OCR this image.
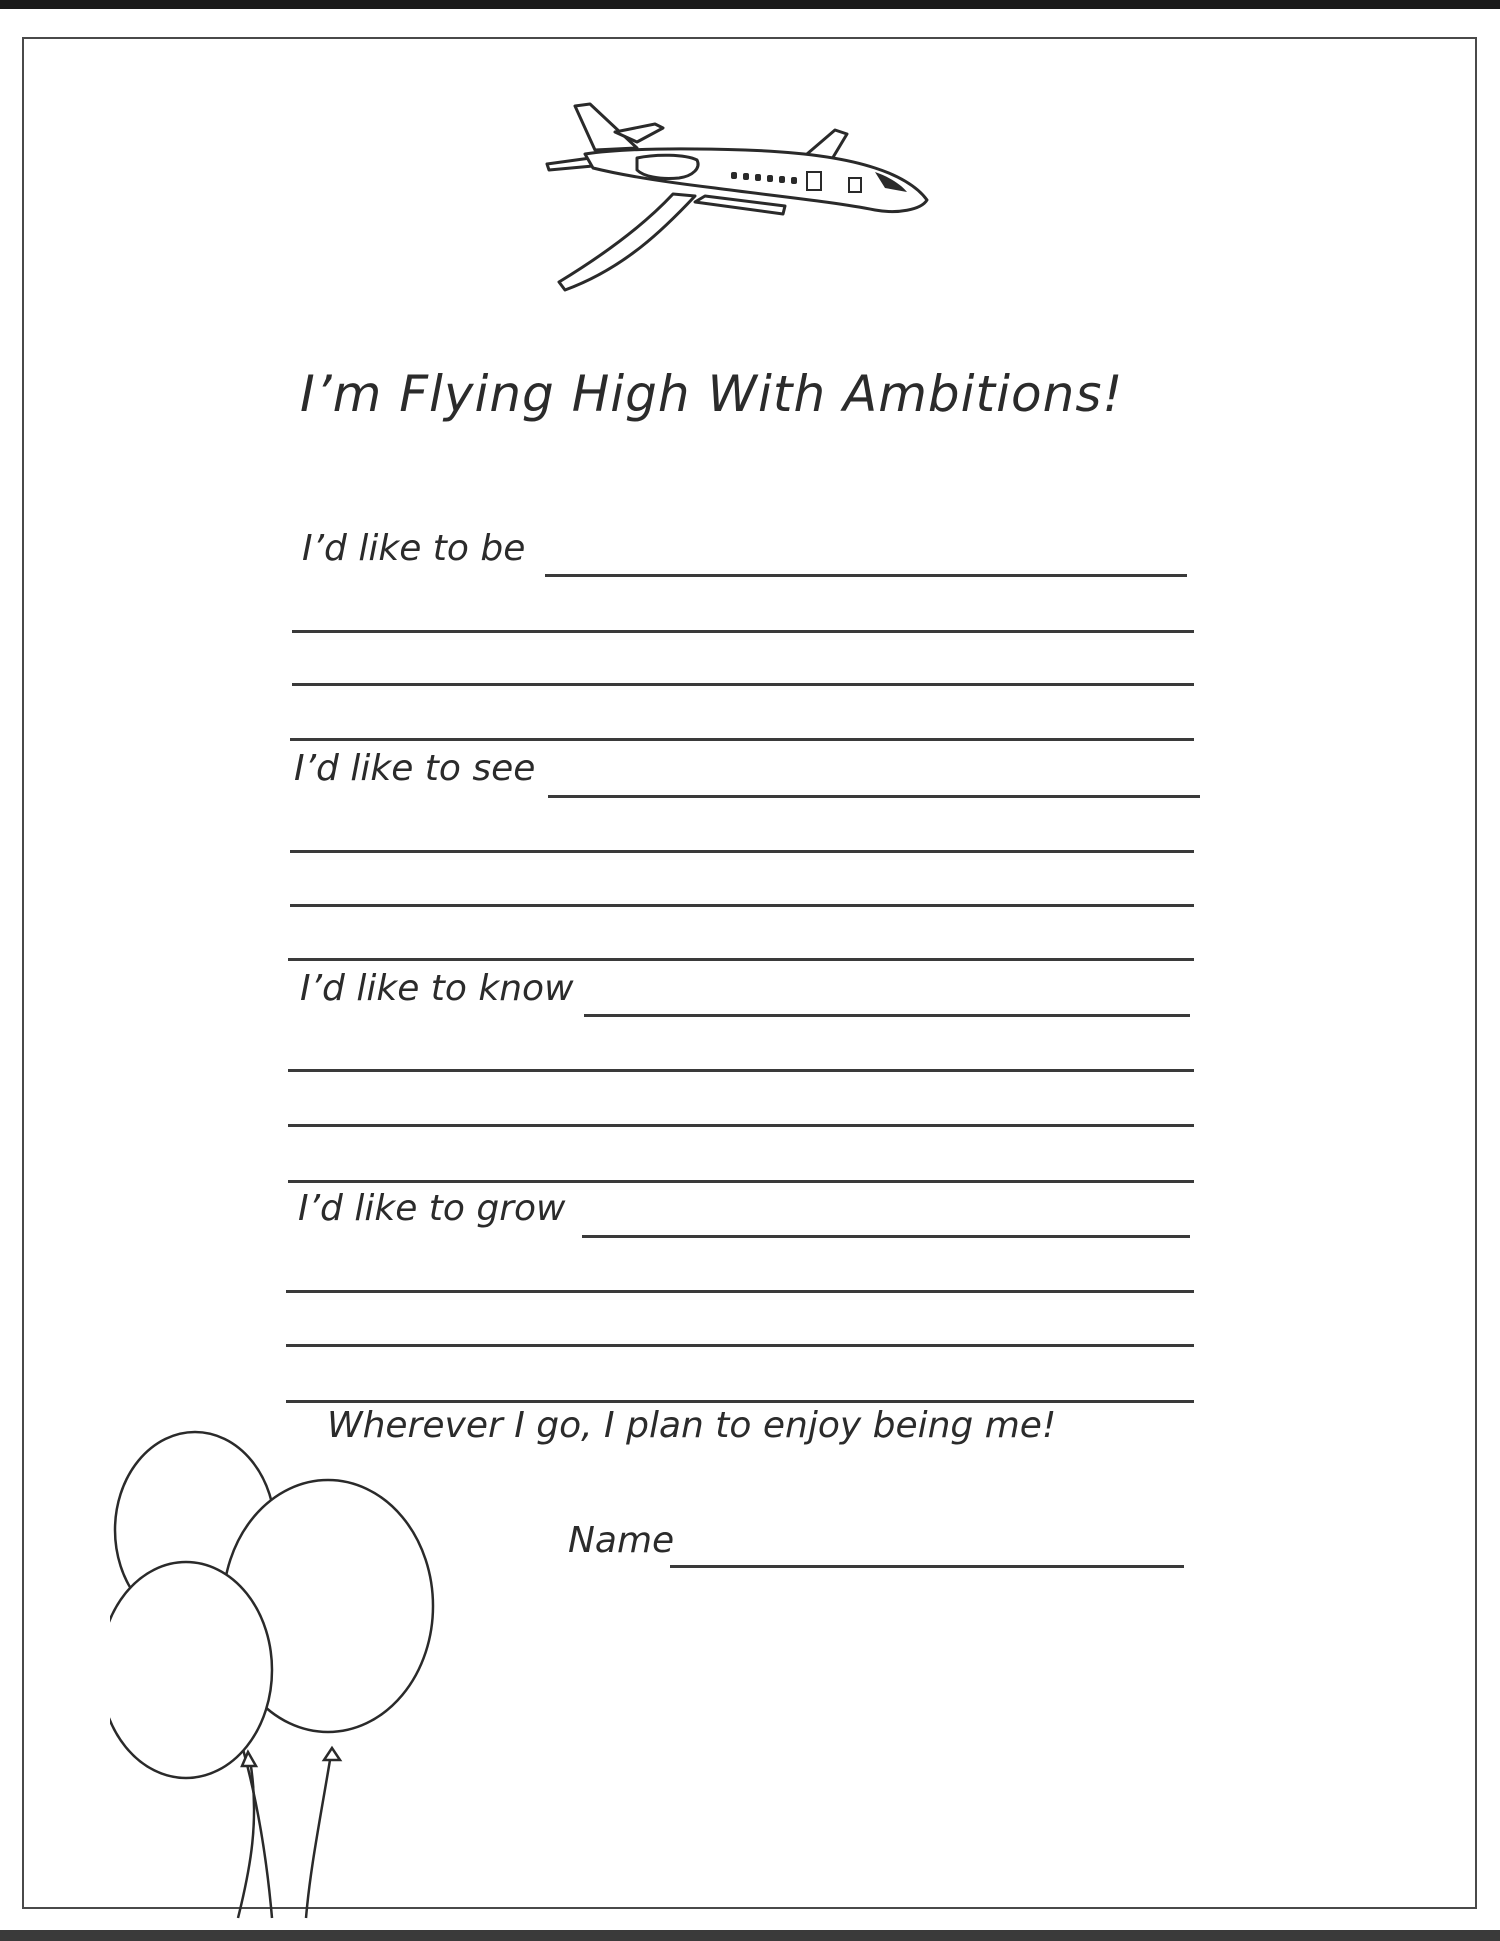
I’m Flying High With Ambitions!
I’d like to be
I’d like to see
I’d like to know
I’d like to grow
Wherever I go, I plan to enjoy being me!
Name
